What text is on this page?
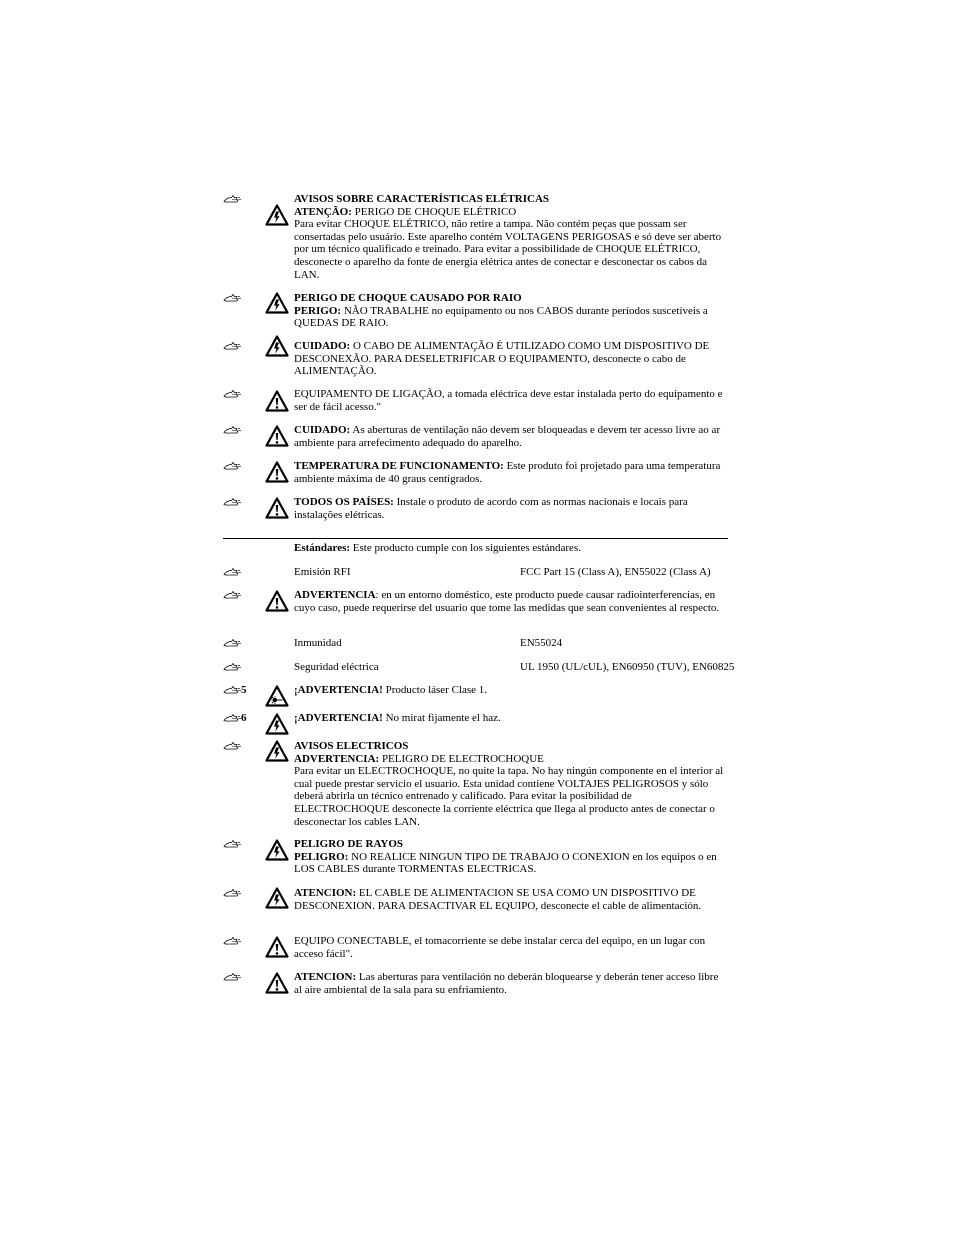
AVISOS SOBRE CARACTERÍSTICAS ELÉTRICAS

ATENÇÃO: PERIGO DE CHOQUE ELÉTRICO

Para evitar CHOQUE ELÉTRICO, não retire a tampa. Não contém peças que possam ser consertadas pelo usuário. Este aparelho contém VOLTAGENS PERIGOSAS e só deve ser aberto por um técnico qualificado e treinado. Para evitar a possibilidade de CHOQUE ELÉTRICO, desconecte o aparelho da fonte de energia elétrica antes de conectar e desconectar os cabos da LAN.

PERIGO DE CHOQUE CAUSADO POR RAIO

PERIGO: NÃO TRABALHE no equipamento ou nos CABOS durante períodos suscetíveis a QUEDAS DE RAIO.

CUIDADO: O CABO DE ALIMENTAÇÃO É UTILIZADO COMO UM DISPOSITIVO DE DESCONEXÃO. PARA DESELETRIFICAR O EQUIPAMENTO, desconecte o cabo de ALIMENTAÇÃO.

EQUIPAMENTO DE LIGAÇÃO, a tomada eléctrica deve estar instalada perto do equipamento e ser de fácil acesso."

CUIDADO: As aberturas de ventilação não devem ser bloqueadas e devem ter acesso livre ao ar ambiente para arrefecimento adequado do aparelho.

TEMPERATURA DE FUNCIONAMENTO: Este produto foi projetado para uma temperatura ambiente máxima de 40 graus centígrados.

TODOS OS PAÍSES: Instale o produto de acordo com as normas nacionais e locais para instalações elétricas.

Estándares: Este producto cumple con los siguientes estándares.

Emisión RFI	FCC Part 15 (Class A), EN55022 (Class A)

ADVERTENCIA: en un entorno doméstico, este producto puede causar radiointerferencias, en cuyo caso, puede requerirse del usuario que tome las medidas que sean convenientes al respecto.

Inmunidad	EN55024
Seguridad eléctrica	UL 1950 (UL/cUL), EN60950 (TUV), EN60825
5	¡ADVERTENCIA! Producto láser Clase 1.

6	¡ADVERTENCIA! No mirat fijamente el haz.

AVISOS ELECTRICOS

ADVERTENCIA: PELIGRO DE ELECTROCHOQUE

Para evitar un ELECTROCHOQUE, no quite la tapa. No hay ningún componente en el interior al cual puede prestar servicio el usuario. Esta unidad contiene VOLTAJES PELIGROSOS y sólo deberá abrirla un técnico entrenado y calificado. Para evitar la posibilidad de ELECTROCHOQUE desconecte la corriente eléctrica que llega al producto antes de conectar o desconectar los cables LAN.

PELIGRO DE RAYOS

PELIGRO: NO REALICE NINGUN TIPO DE TRABAJO O CONEXION en los equipos o en LOS CABLES durante TORMENTAS ELECTRICAS.

ATENCION: EL CABLE DE ALIMENTACION SE USA COMO UN DISPOSITIVO DE DESCONEXION. PARA DESACTIVAR EL EQUIPO, desconecte el cable de alimentación.

EQUIPO CONECTABLE, el tomacorriente se debe instalar cerca del equipo, en un lugar con acceso fácil".

ATENCION: Las aberturas para ventilación no deberán bloquearse y deberán tener acceso libre al aire ambiental de la sala para su enfriamiento.
